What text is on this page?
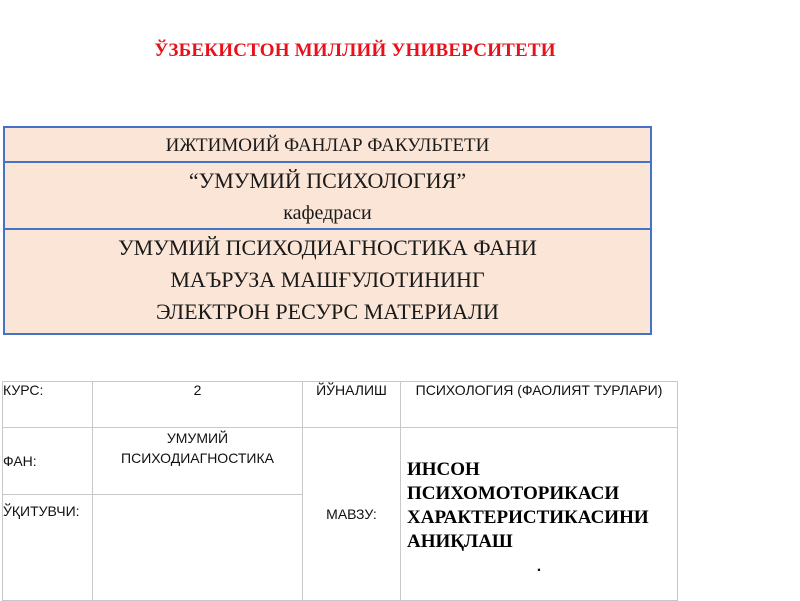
ЎЗБЕКИСТОН МИЛЛИЙ УНИВЕРСИТЕТИ
ИЖТИМОИЙ ФАНЛАР ФАКУЛЬТЕТИ
“УМУМИЙ ПСИХОЛОГИЯ”
кафедраси
УМУМИЙ ПСИХОДИАГНОСТИКА ФАНИ
МАЪРУЗА МАШҒУЛОТИНИНГ
ЭЛЕКТРОН РЕСУРС МАТЕРИАЛИ
КУРС:	2	ЙЎНАЛИШ	ПСИХОЛОГИЯ (ФАОЛИЯТ ТУРЛАРИ)
ФАН:	УМУМИЙ ПСИХОДИАГНОСТИКА	МАВЗУ:	ИНСОН ПСИХОМОТОРИКАСИ ХАРАКТЕРИСТИКАСИНИ АНИҚЛАШ
.

ЎҚИТУВЧИ:			
